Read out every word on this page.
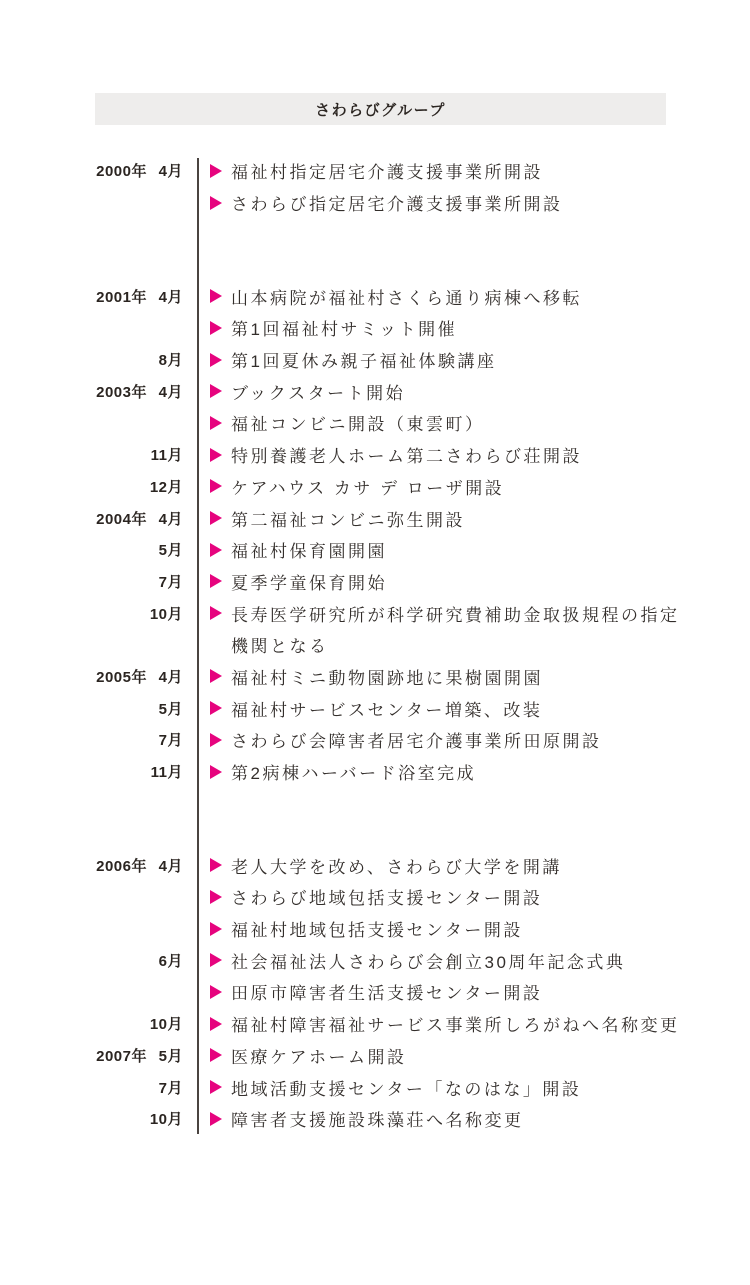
さわらびグループ
2000年 4月	福祉村指定居宅介護支援事業所開設
さわらび指定居宅介護支援事業所開設
2001年 4月	山本病院が福祉村さくら通り病棟へ移転
第1回福祉村サミット開催
8月	第1回夏休み親子福祉体験講座
2003年 4月	ブックスタート開始
福祉コンビニ開設（東雲町）
11月	特別養護老人ホーム第二さわらび荘開設
12月	ケアハウス カサ デ ローザ開設
2004年 4月	第二福祉コンビニ弥生開設
5月	福祉村保育園開園
7月	夏季学童保育開始
10月	長寿医学研究所が科学研究費補助金取扱規程の指定
機関となる
2005年 4月	福祉村ミニ動物園跡地に果樹園開園
5月	福祉村サービスセンター増築、改装
7月	さわらび会障害者居宅介護事業所田原開設
11月	第2病棟ハーバード浴室完成
2006年 4月	老人大学を改め、さわらび大学を開講
さわらび地域包括支援センター開設
福祉村地域包括支援センター開設
6月	社会福祉法人さわらび会創立30周年記念式典
田原市障害者生活支援センター開設
10月	福祉村障害福祉サービス事業所しろがねへ名称変更
2007年 5月	医療ケアホーム開設
7月	地域活動支援センター「なのはな」開設
10月	障害者支援施設珠藻荘へ名称変更
